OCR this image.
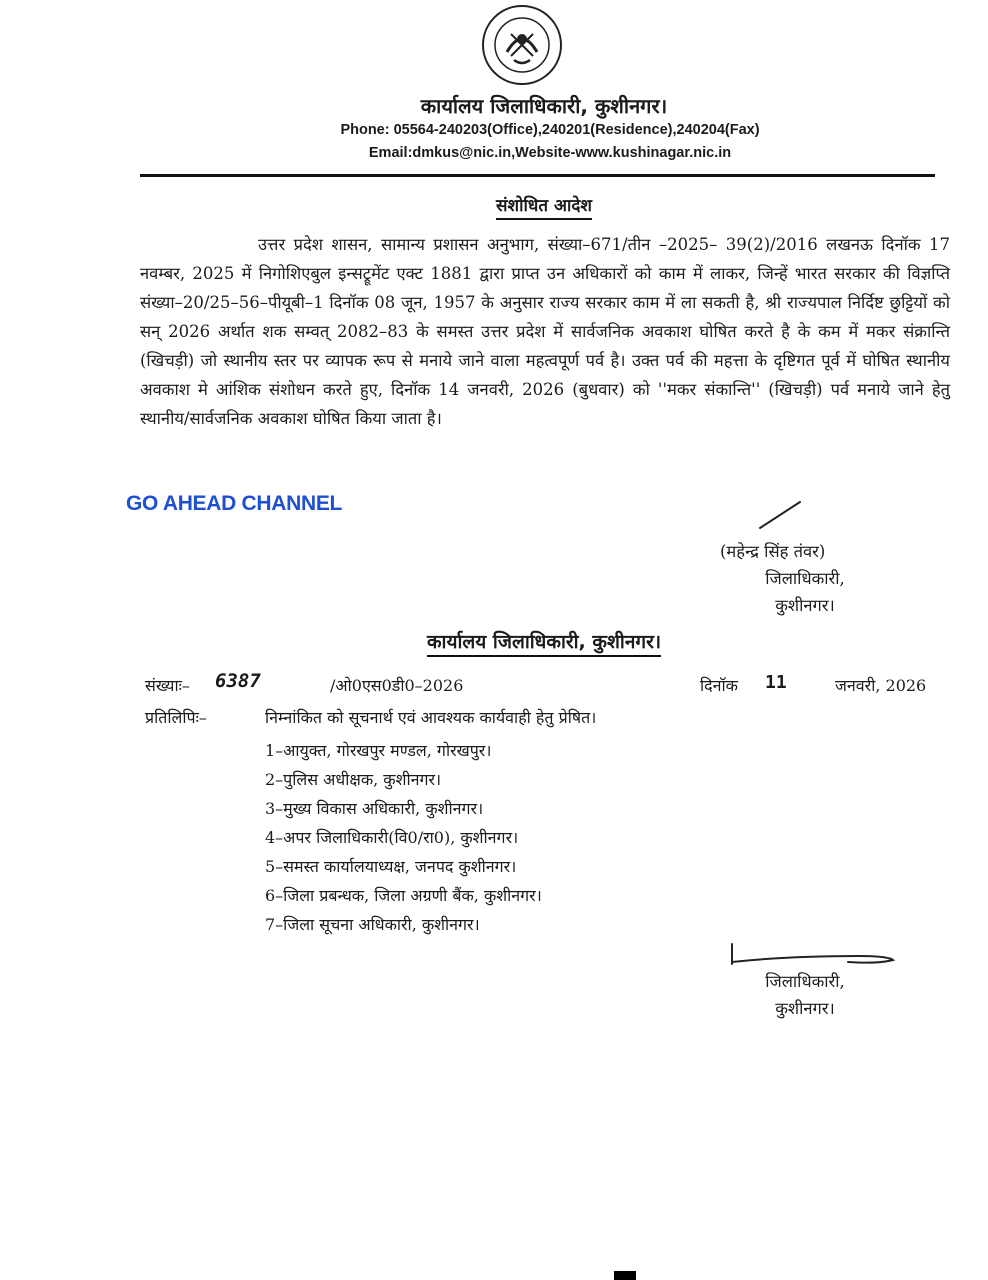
कार्यालय जिलाधिकारी, कुशीनगर।
Phone: 05564-240203(Office),240201(Residence),240204(Fax)
Email:dmkus@nic.in,Website-www.kushinagar.nic.in
संशोधित आदेश
उत्तर प्रदेश शासन, सामान्य प्रशासन अनुभाग, संख्या–671/तीन –2025– 39(2)/2016 लखनऊ दिनॉक 17 नवम्बर, 2025 में निगोशिएबुल इन्सट्रूमेंट एक्ट 1881 द्वारा प्राप्त उन अधिकारों को काम में लाकर, जिन्हें भारत सरकार की विज्ञप्ति संख्या–20/25–56–पीयूबी–1 दिनॉक 08 जून, 1957 के अनुसार राज्य सरकार काम में ला सकती है, श्री राज्यपाल निर्दिष्ट छुट्टियों को सन् 2026 अर्थात शक सम्वत् 2082–83 के समस्त उत्तर प्रदेश में सार्वजनिक अवकाश घोषित करते है के कम में मकर संक्रान्ति (खिचड़ी) जो स्थानीय स्तर पर व्यापक रूप से मनाये जाने वाला महत्वपूर्ण पर्व है। उक्त पर्व की महत्ता के दृष्टिगत पूर्व में घोषित स्थानीय अवकाश मे आंशिक संशोधन करते हुए, दिनॉक 14 जनवरी, 2026 (बुधवार) को ''मकर संकान्ति'' (खिचड़ी) पर्व मनाये जाने हेतु स्थानीय/सार्वजनिक अवकाश घोषित किया जाता है।
GO AHEAD CHANNEL
(महेन्द्र सिंह तंवर)
जिलाधिकारी,
कुशीनगर।
कार्यालय जिलाधिकारी, कुशीनगर।
संख्याः– 6387	/ओ0एस0डी0–2026	दिनॉक 11	जनवरी, 2026
प्रतिलिपिः–	निम्नांकित को सूचनार्थ एवं आवश्यक कार्यवाही हेतु प्रेषित।
1–आयुक्त, गोरखपुर मण्डल, गोरखपुर।
2–पुलिस अधीक्षक, कुशीनगर।
3–मुख्य विकास अधिकारी, कुशीनगर।
4–अपर जिलाधिकारी(वि0/रा0), कुशीनगर।
5–समस्त कार्यालयाध्यक्ष, जनपद कुशीनगर।
6–जिला प्रबन्धक, जिला अग्रणी बैंक, कुशीनगर।
7–जिला सूचना अधिकारी, कुशीनगर।
जिलाधिकारी,
कुशीनगर।
